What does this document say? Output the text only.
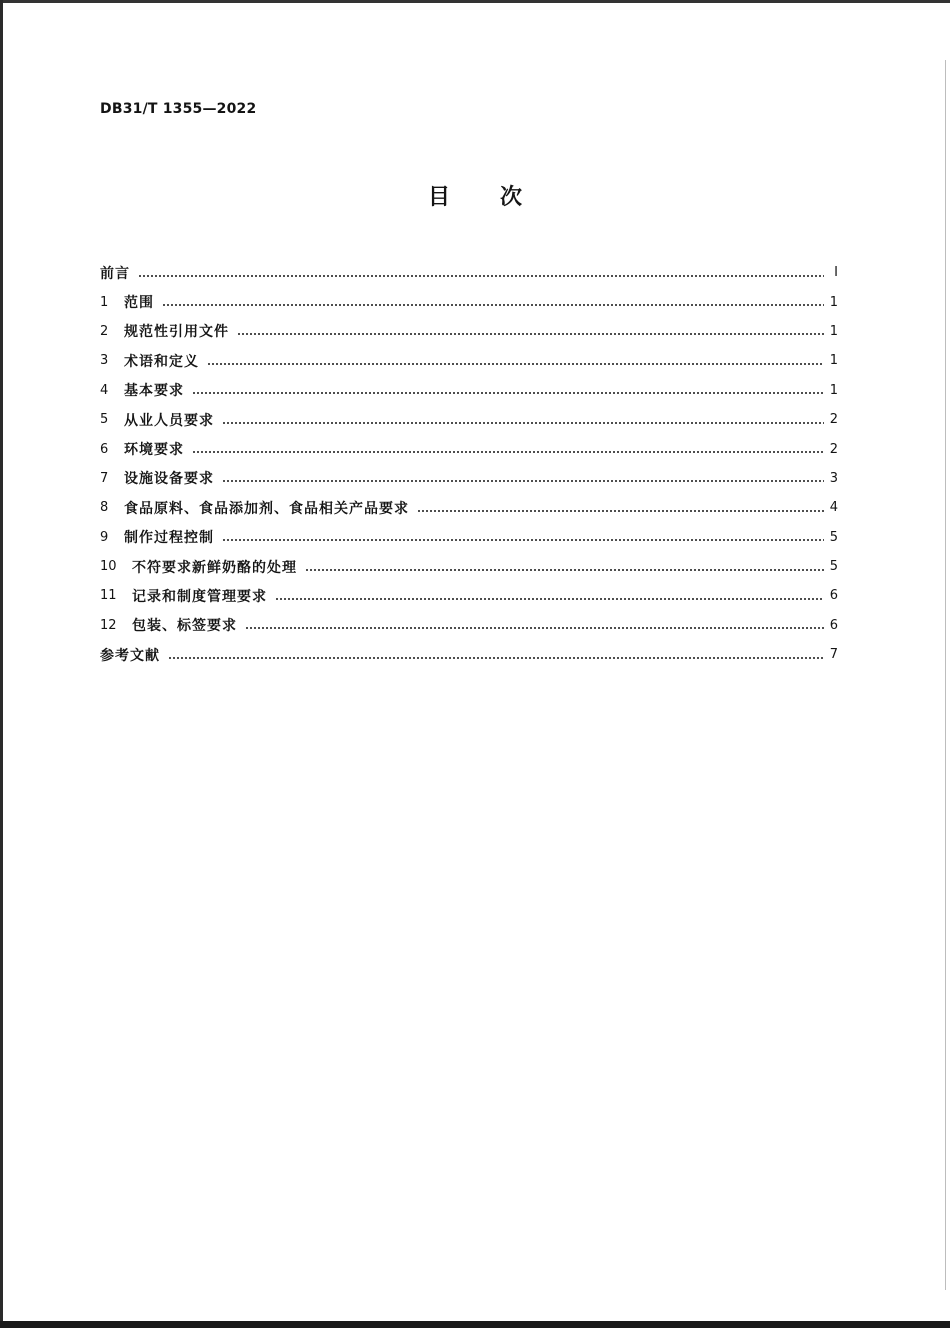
DB31/T 1355—2022
目 次
前言	Ⅰ
1	范围	1
2	规范性引用文件	1
3	术语和定义	1
4	基本要求	1
5	从业人员要求	2
6	环境要求	2
7	设施设备要求	3
8	食品原料、食品添加剂、食品相关产品要求	4
9	制作过程控制	5
10	不符要求新鲜奶酪的处理	5
11	记录和制度管理要求	6
12	包装、标签要求	6
参考文献	7
